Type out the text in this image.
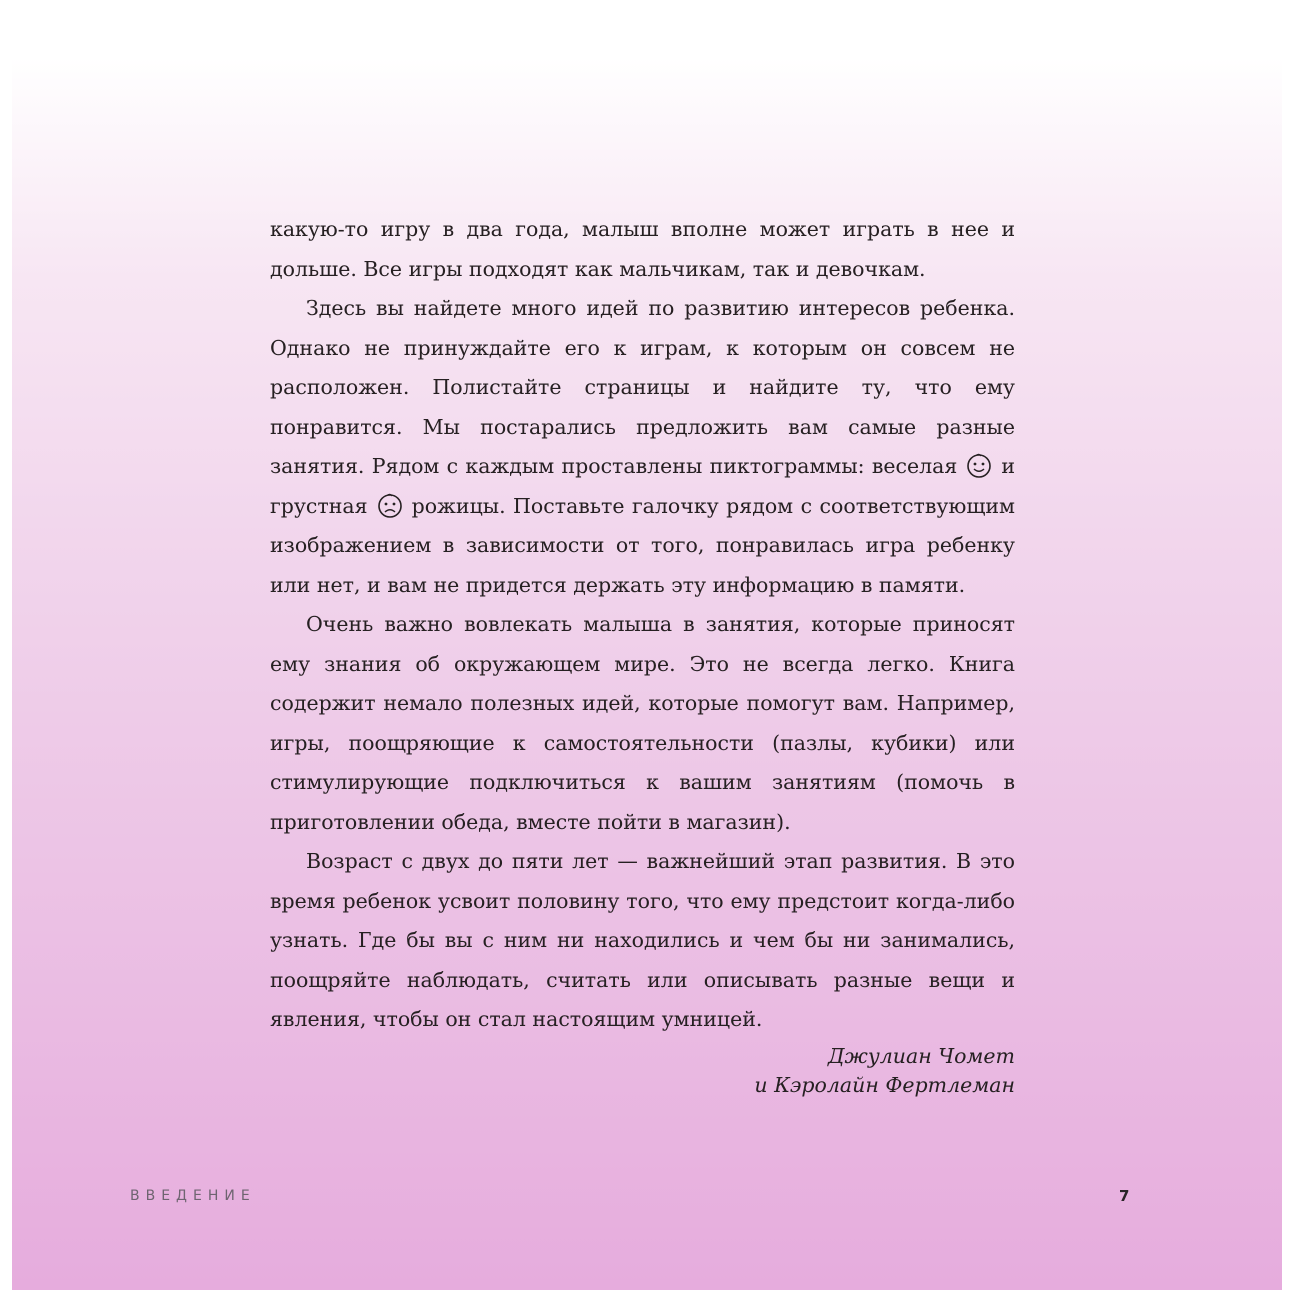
какую-то игру в два года, малыш вполне может играть в нее и дольше. Все игры подходят как мальчикам, так и девочкам.

Здесь вы найдете много идей по развитию интересов ребенка. Однако не принуждайте его к играм, к которым он совсем не расположен. Полистайте страницы и найдите ту, что ему понравится. Мы постарались предложить вам самые разные занятия. Рядом с каждым проставлены пиктограммы: веселая и грустная рожицы. Поставьте галочку рядом с соответствующим изображением в зависимости от того, понравилась игра ребенку или нет, и вам не придется держать эту информацию в памяти.

Очень важно вовлекать малыша в занятия, которые приносят ему знания об окружающем мире. Это не всегда легко. Книга содержит немало полезных идей, которые помогут вам. Например, игры, поощряющие к самостоятельности (пазлы, кубики) или стимулирующие подключиться к вашим занятиям (помочь в приготовлении обеда, вместе пойти в магазин).

Возраст с двух до пяти лет — важнейший этап развития. В это время ребенок усвоит половину того, что ему предстоит когда-либо узнать. Где бы вы с ним ни находились и чем бы ни занимались, поощряйте наблюдать, считать или описывать разные вещи и явления, чтобы он стал настоящим умницей.

Джулиан Чомет
и Кэролайн Фертлеман
ВВЕДЕНИЕ	7
